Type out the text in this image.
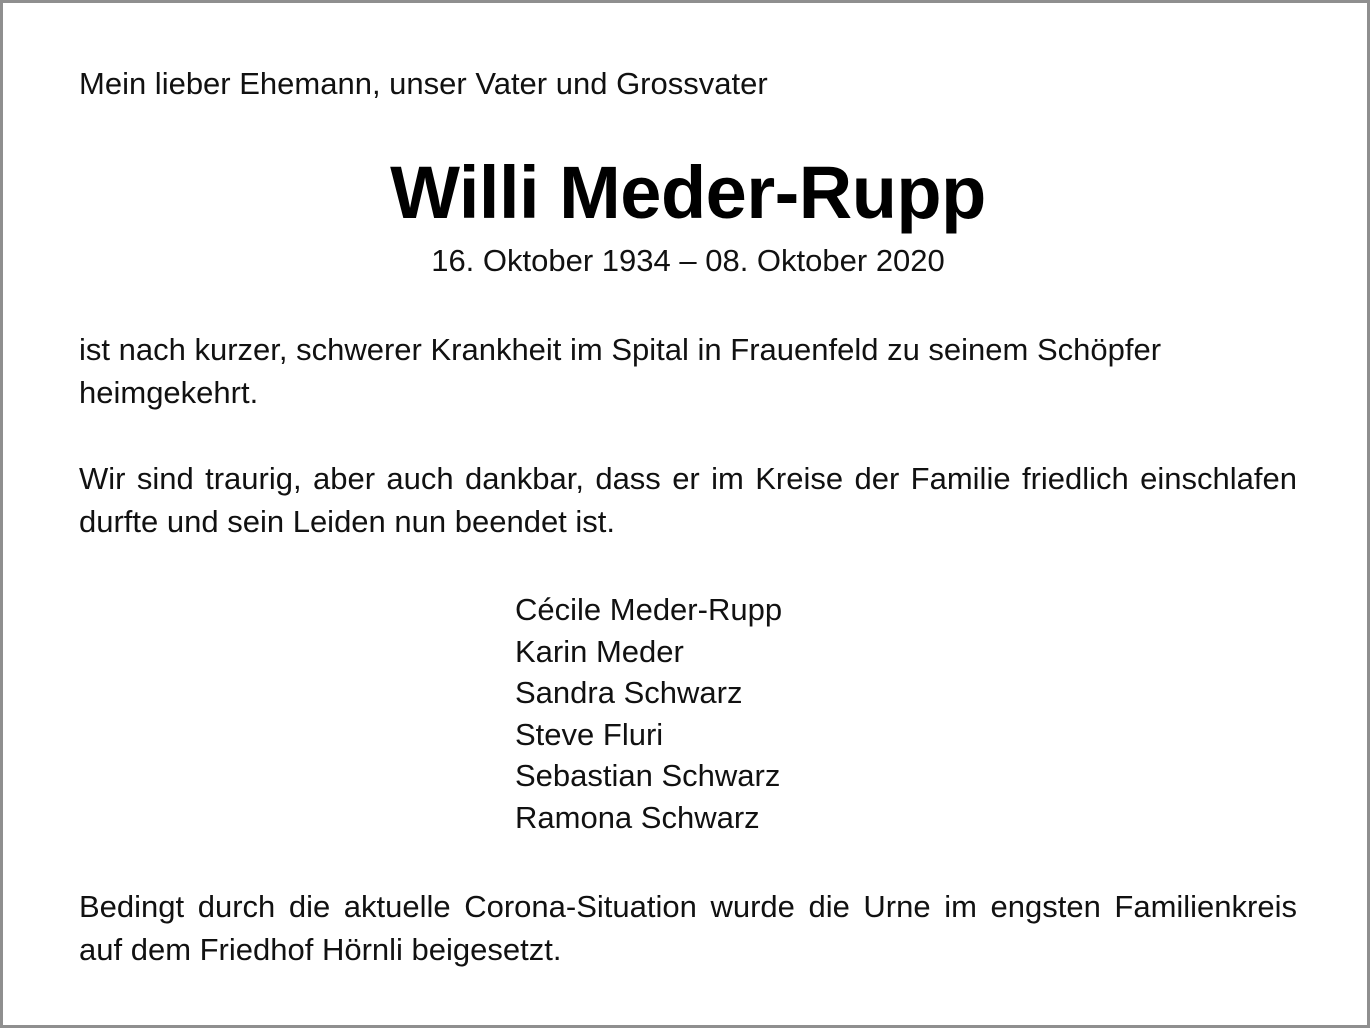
Mein lieber Ehemann, unser Vater und Grossvater
Willi Meder-Rupp
16. Oktober 1934 – 08. Oktober 2020

ist nach kurzer, schwerer Krankheit im Spital in Frauenfeld zu seinem Schöpfer heimgekehrt.

Wir sind traurig, aber auch dankbar, dass er im Kreise der Familie friedlich einschlafen durfte und sein Leiden nun beendet ist.

Cécile Meder-Rupp
Karin Meder
Sandra Schwarz
Steve Fluri
Sebastian Schwarz
Ramona Schwarz

Bedingt durch die aktuelle Corona-Situation wurde die Urne im engsten Familienkreis auf dem Friedhof Hörnli beigesetzt.
